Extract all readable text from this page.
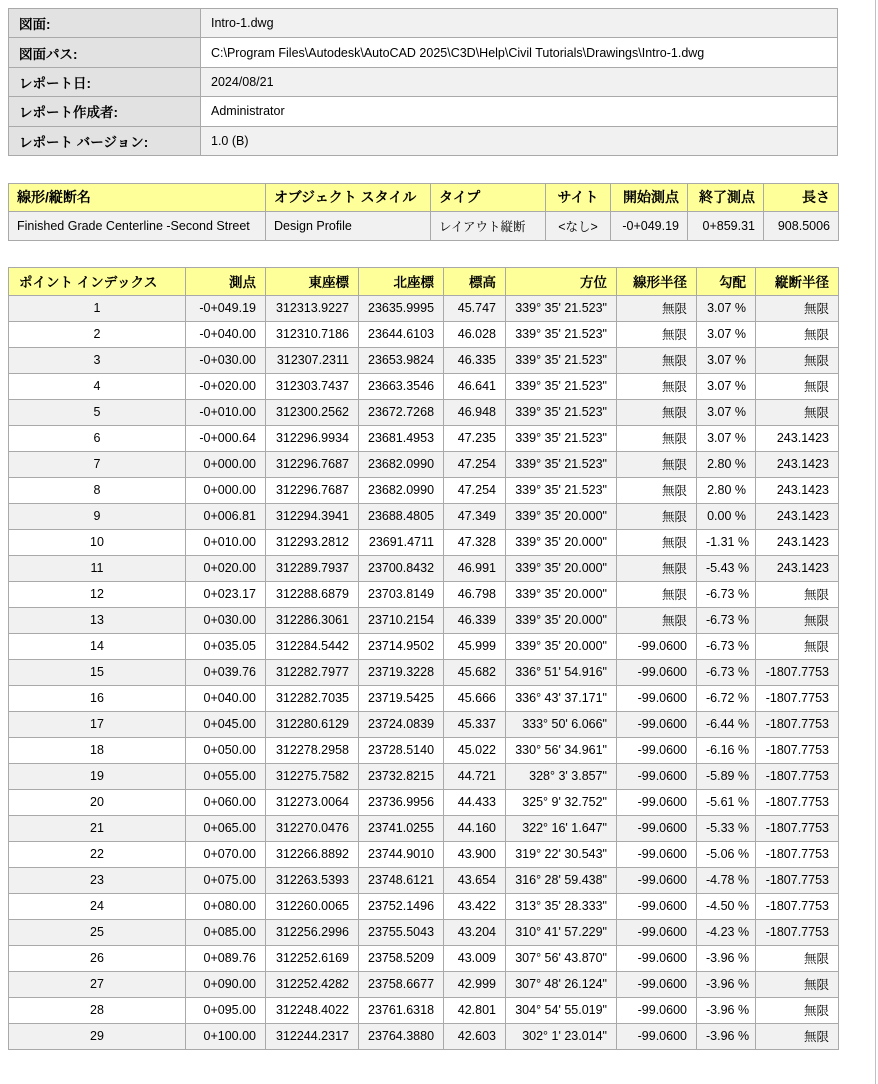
図面:	Intro-1.dwg
図面パス:	C:\Program Files\Autodesk\AutoCAD 2025\C3D\Help\Civil Tutorials\Drawings\Intro-1.dwg
レポート日:	2024/08/21
レポート作成者:	Administrator
レポート バージョン:	1.0 (B)
線形/縦断名	オブジェクト スタイル	タイプ	サイト	開始測点	終了測点	長さ
Finished Grade Centerline -Second Street	Design Profile	レイアウト縦断	<なし>	-0+049.19	0+859.31	908.5006
ポイント インデックス	測点	東座標	北座標	標高	方位	線形半径	勾配	縦断半径
1	-0+049.19	312313.9227	23635.9995	45.747	339° 35' 21.523"	無限	3.07 %	無限
2	-0+040.00	312310.7186	23644.6103	46.028	339° 35' 21.523"	無限	3.07 %	無限
3	-0+030.00	312307.2311	23653.9824	46.335	339° 35' 21.523"	無限	3.07 %	無限
4	-0+020.00	312303.7437	23663.3546	46.641	339° 35' 21.523"	無限	3.07 %	無限
5	-0+010.00	312300.2562	23672.7268	46.948	339° 35' 21.523"	無限	3.07 %	無限
6	-0+000.64	312296.9934	23681.4953	47.235	339° 35' 21.523"	無限	3.07 %	243.1423
7	0+000.00	312296.7687	23682.0990	47.254	339° 35' 21.523"	無限	2.80 %	243.1423
8	0+000.00	312296.7687	23682.0990	47.254	339° 35' 21.523"	無限	2.80 %	243.1423
9	0+006.81	312294.3941	23688.4805	47.349	339° 35' 20.000"	無限	0.00 %	243.1423
10	0+010.00	312293.2812	23691.4711	47.328	339° 35' 20.000"	無限	-1.31 %	243.1423
11	0+020.00	312289.7937	23700.8432	46.991	339° 35' 20.000"	無限	-5.43 %	243.1423
12	0+023.17	312288.6879	23703.8149	46.798	339° 35' 20.000"	無限	-6.73 %	無限
13	0+030.00	312286.3061	23710.2154	46.339	339° 35' 20.000"	無限	-6.73 %	無限
14	0+035.05	312284.5442	23714.9502	45.999	339° 35' 20.000"	-99.0600	-6.73 %	無限
15	0+039.76	312282.7977	23719.3228	45.682	336° 51' 54.916"	-99.0600	-6.73 %	-1807.7753
16	0+040.00	312282.7035	23719.5425	45.666	336° 43' 37.171"	-99.0600	-6.72 %	-1807.7753
17	0+045.00	312280.6129	23724.0839	45.337	333° 50' 6.066"	-99.0600	-6.44 %	-1807.7753
18	0+050.00	312278.2958	23728.5140	45.022	330° 56' 34.961"	-99.0600	-6.16 %	-1807.7753
19	0+055.00	312275.7582	23732.8215	44.721	328° 3' 3.857"	-99.0600	-5.89 %	-1807.7753
20	0+060.00	312273.0064	23736.9956	44.433	325° 9' 32.752"	-99.0600	-5.61 %	-1807.7753
21	0+065.00	312270.0476	23741.0255	44.160	322° 16' 1.647"	-99.0600	-5.33 %	-1807.7753
22	0+070.00	312266.8892	23744.9010	43.900	319° 22' 30.543"	-99.0600	-5.06 %	-1807.7753
23	0+075.00	312263.5393	23748.6121	43.654	316° 28' 59.438"	-99.0600	-4.78 %	-1807.7753
24	0+080.00	312260.0065	23752.1496	43.422	313° 35' 28.333"	-99.0600	-4.50 %	-1807.7753
25	0+085.00	312256.2996	23755.5043	43.204	310° 41' 57.229"	-99.0600	-4.23 %	-1807.7753
26	0+089.76	312252.6169	23758.5209	43.009	307° 56' 43.870"	-99.0600	-3.96 %	無限
27	0+090.00	312252.4282	23758.6677	42.999	307° 48' 26.124"	-99.0600	-3.96 %	無限
28	0+095.00	312248.4022	23761.6318	42.801	304° 54' 55.019"	-99.0600	-3.96 %	無限
29	0+100.00	312244.2317	23764.3880	42.603	302° 1' 23.014"	-99.0600	-3.96 %	無限
